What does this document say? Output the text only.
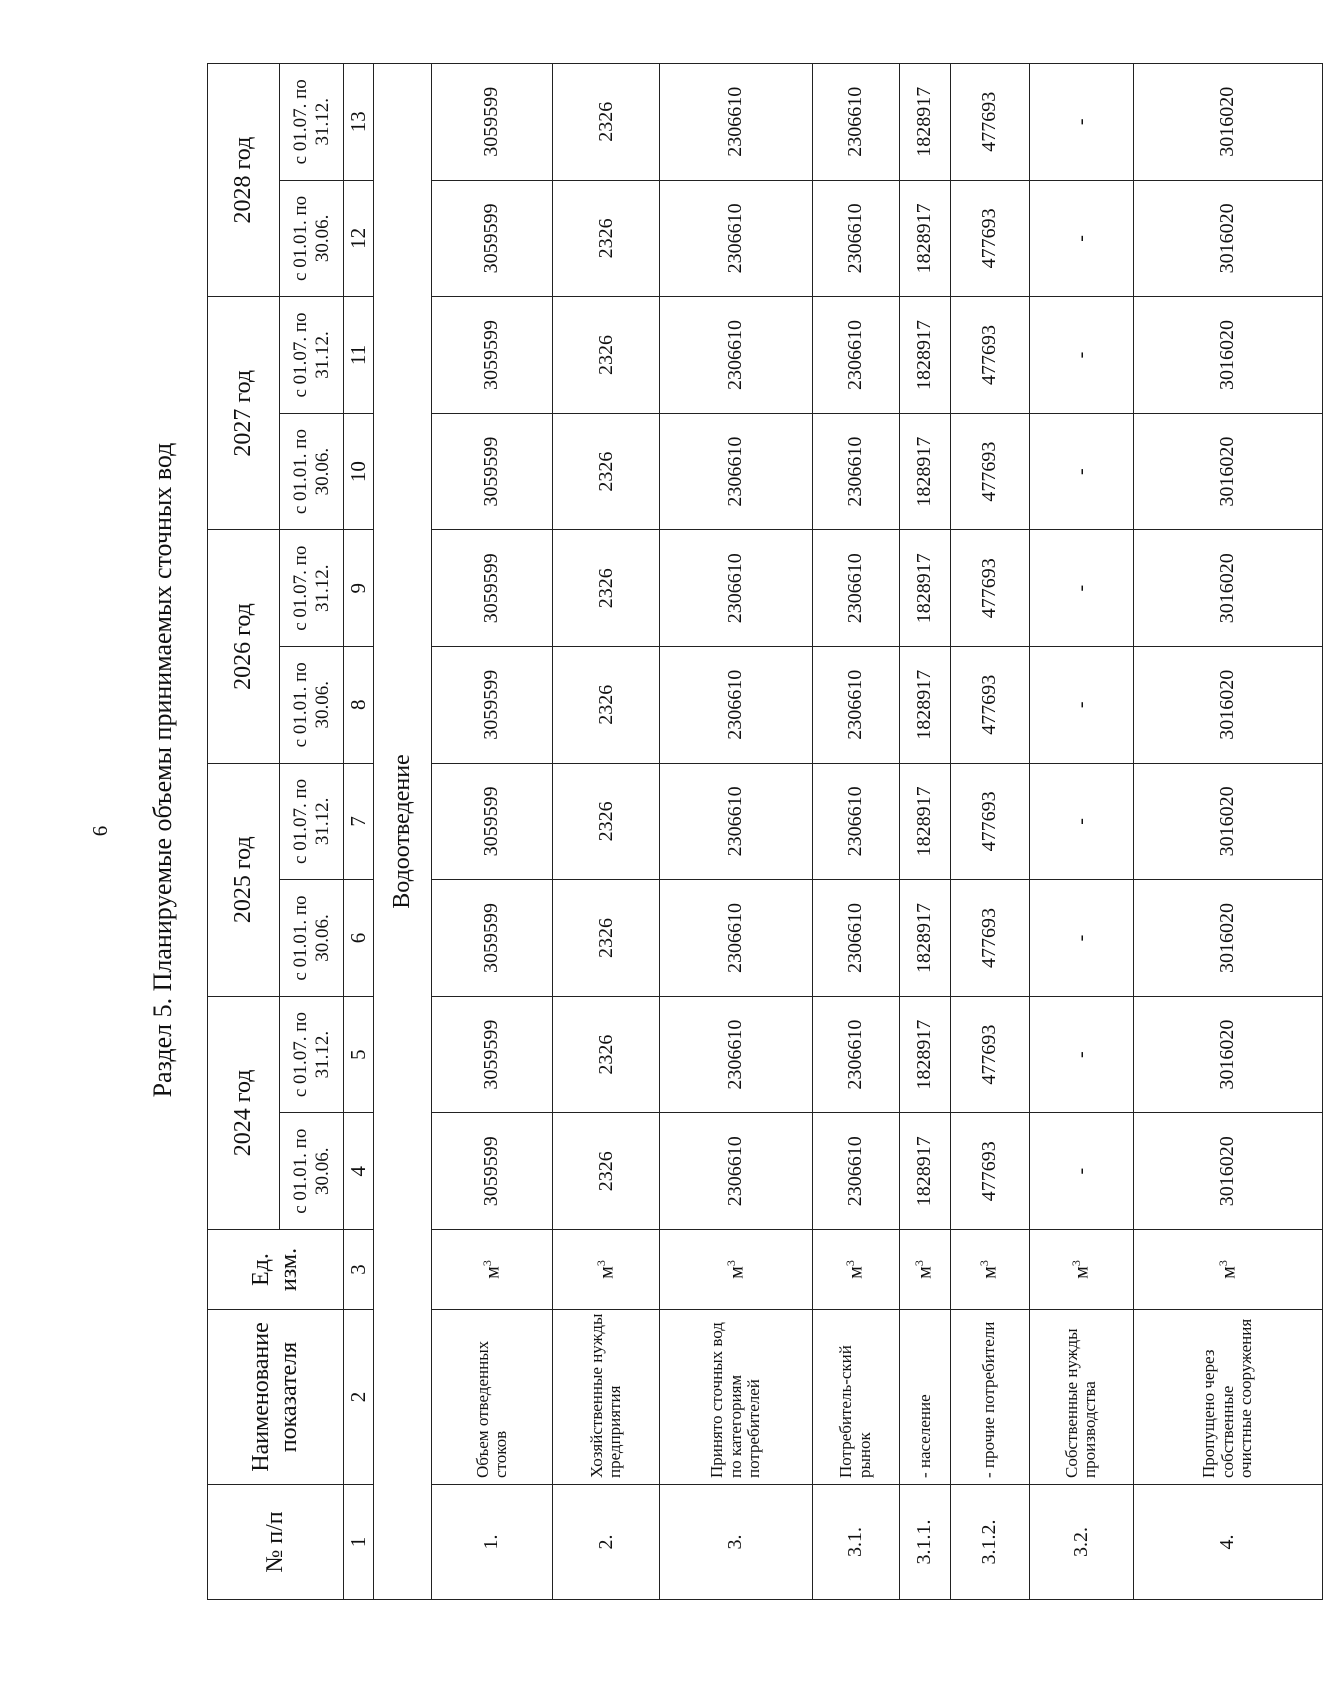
6 Раздел 5. Планируемые объемы принимаемых сточных вод
№ п/п	Наименование показателя	Ед. изм.	2024 год		2025 год		2026 год		2027 год		2028 год	
			с 01.01. по 30.06.	с 01.07. по 31.12.	с 01.01. по 30.06.	с 01.07. по 31.12.	с 01.01. по 30.06.	с 01.07. по 31.12.	с 01.01. по 30.06.	с 01.07. по 31.12.	с 01.01. по 30.06.	с 01.07. по 31.12.
1	2	3	4	5	6	7	8	9	10	11	12	13
Водоотведение												
1.	Объем отведенных стоков	$м^3$	3059599	3059599	3059599	3059599	3059599	3059599	3059599	3059599	3059599	3059599
2.	Хозяйственные нужды предприятия	$м^3$	2326	2326	2326	2326	2326	2326	2326	2326	2326	2326
3.	Принято сточных вод по категориям потребителей	$м^3$	2306610	2306610	2306610	2306610	2306610	2306610	2306610	2306610	2306610	2306610
3.1.	Потребитель-ский рынок	$м^3$	2306610	2306610	2306610	2306610	2306610	2306610	2306610	2306610	2306610	2306610
3.1.1.	- население	$м^3$	1828917	1828917	1828917	1828917	1828917	1828917	1828917	1828917	1828917	1828917
3.1.2.	- прочие потребители	$м^3$	477693	477693	477693	477693	477693	477693	477693	477693	477693	477693
3.2.	Собственные нужды производства	$м^3$	-	-	-	-	-	-	-	-	-	-
4.	Пропущено через собственные очистные сооружения	$м^3$	3016020	3016020	3016020	3016020	3016020	3016020	3016020	3016020	3016020	3016020
